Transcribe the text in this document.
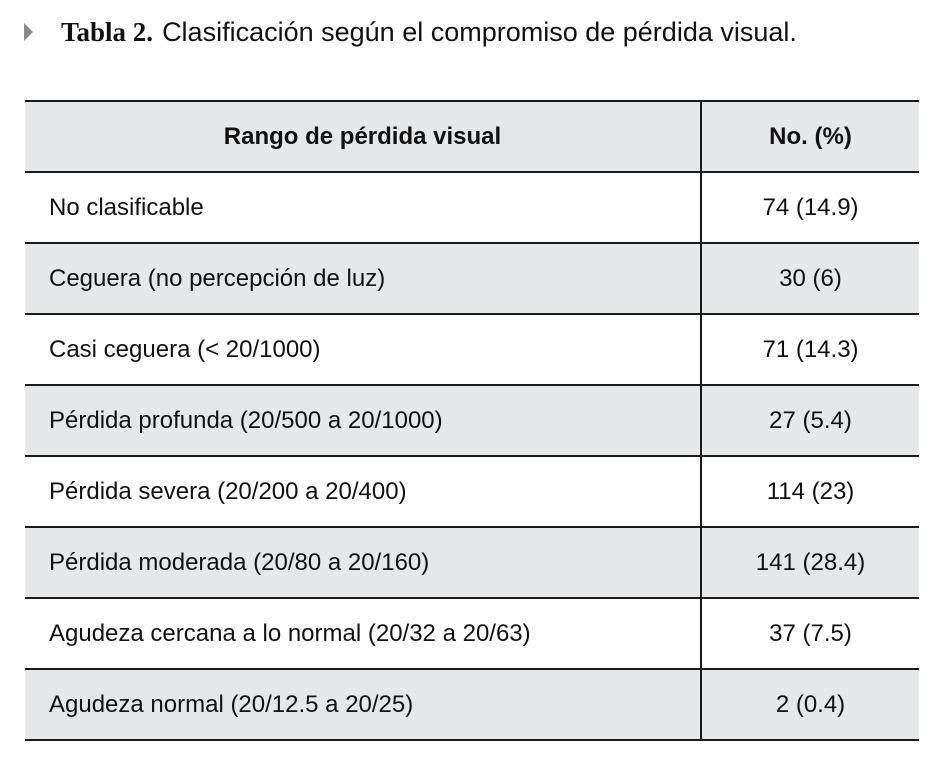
Tabla 2. Clasificación según el compromiso de pérdida visual.
Rango de pérdida visual	No. (%)
No clasificable	74 (14.9)
Ceguera (no percepción de luz)	30 (6)
Casi ceguera (< 20/1000)	71 (14.3)
Pérdida profunda (20/500 a 20/1000)	27 (5.4)
Pérdida severa (20/200 a 20/400)	114 (23)
Pérdida moderada (20/80 a 20/160)	141 (28.4)
Agudeza cercana a lo normal (20/32 a 20/63)	37 (7.5)
Agudeza normal (20/12.5 a 20/25)	2 (0.4)
